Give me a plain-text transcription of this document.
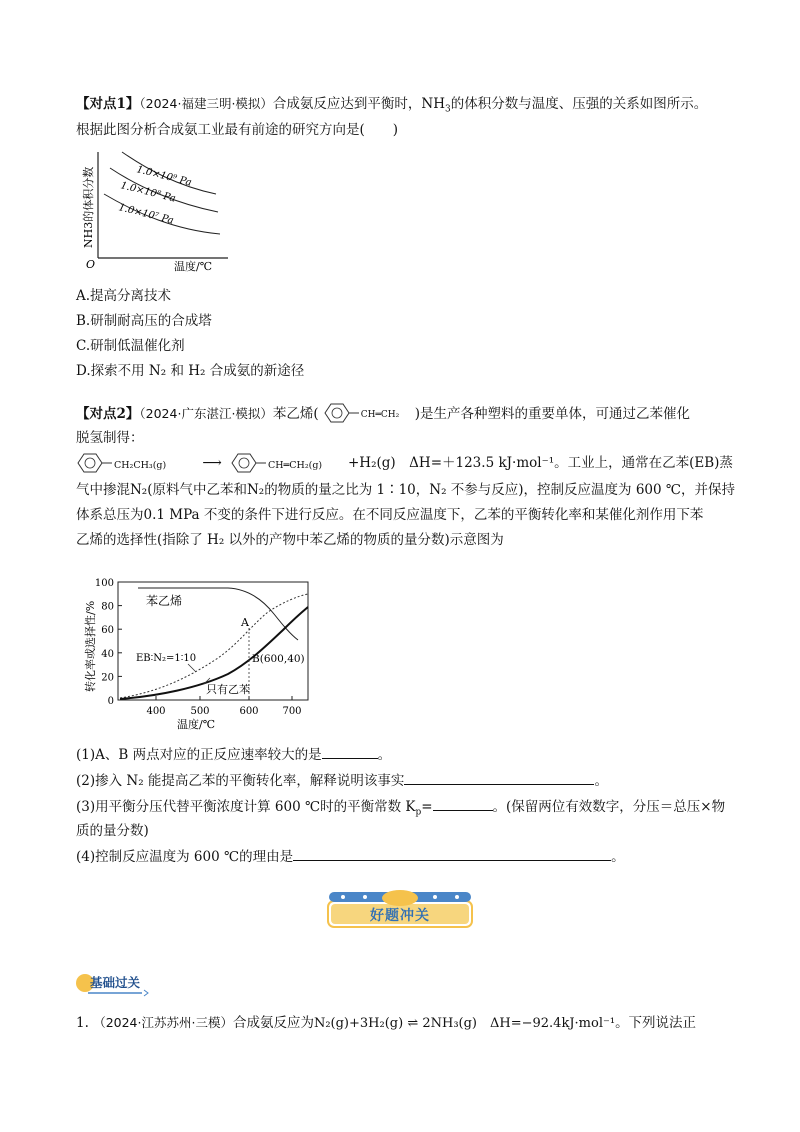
【对点1】（2024·福建三明·模拟）合成氨反应达到平衡时，$NH_3$的体积分数与温度、压强的关系如图所示。
根据此图分析合成氨工业最有前途的研究方向是( )
1.0×10⁹ Pa
1.0×10⁸ Pa
1.0×10⁷ Pa
NH3的体积分数
O	温度/℃
A.提高分离技术
B.研制耐高压的合成塔
C.研制低温催化剂
D.探索不用 N₂ 和 H₂ 合成氨的新途径
【对点2】（2024·广东湛江·模拟）苯乙烯(	CH═CH₂ )是生产各种塑料的重要单体，可通过乙苯催化
脱氢制得：
CH₂CH₃(g)	⟶	CH═CH₂(g) +H₂(g)　ΔH=＋123.5 kJ·mol⁻¹。工业上，通常在乙苯(EB)蒸
气中掺混N₂(原料气中乙苯和N₂的物质的量之比为 1∶10，N₂ 不参与反应)，控制反应温度为 600 ℃，并保持
体系总压为0.1 MPa 不变的条件下进行反应。在不同反应温度下，乙苯的平衡转化率和某催化剂作用下苯
乙烯的选择性(指除了 H₂ 以外的产物中苯乙烯的物质的量分数)示意图为
0
20
40
60
80
100
400 500	600 700
苯乙烯
A
B(600,40)
EB∶N₂=1∶10
只有乙苯
转化率或选择性/%
温度/℃
(1)A、B 两点对应的正反应速率较大的是	。
(2)掺入 N₂ 能提高乙苯的平衡转化率，解释说明该事实	。
(3)用平衡分压代替平衡浓度计算 600 ℃时的平衡常数 $K_p=$	。(保留两位有效数字，分压＝总压×物
质的量分数)
(4)控制反应温度为 600 ℃的理由是	。
好题冲关
基础过关
1. （2024·江苏苏州·三模）合成氨反应为N₂(g)+3H₂(g) ⇌ 2NH₃(g)　ΔH=−92.4kJ·mol⁻¹。下列说法正
